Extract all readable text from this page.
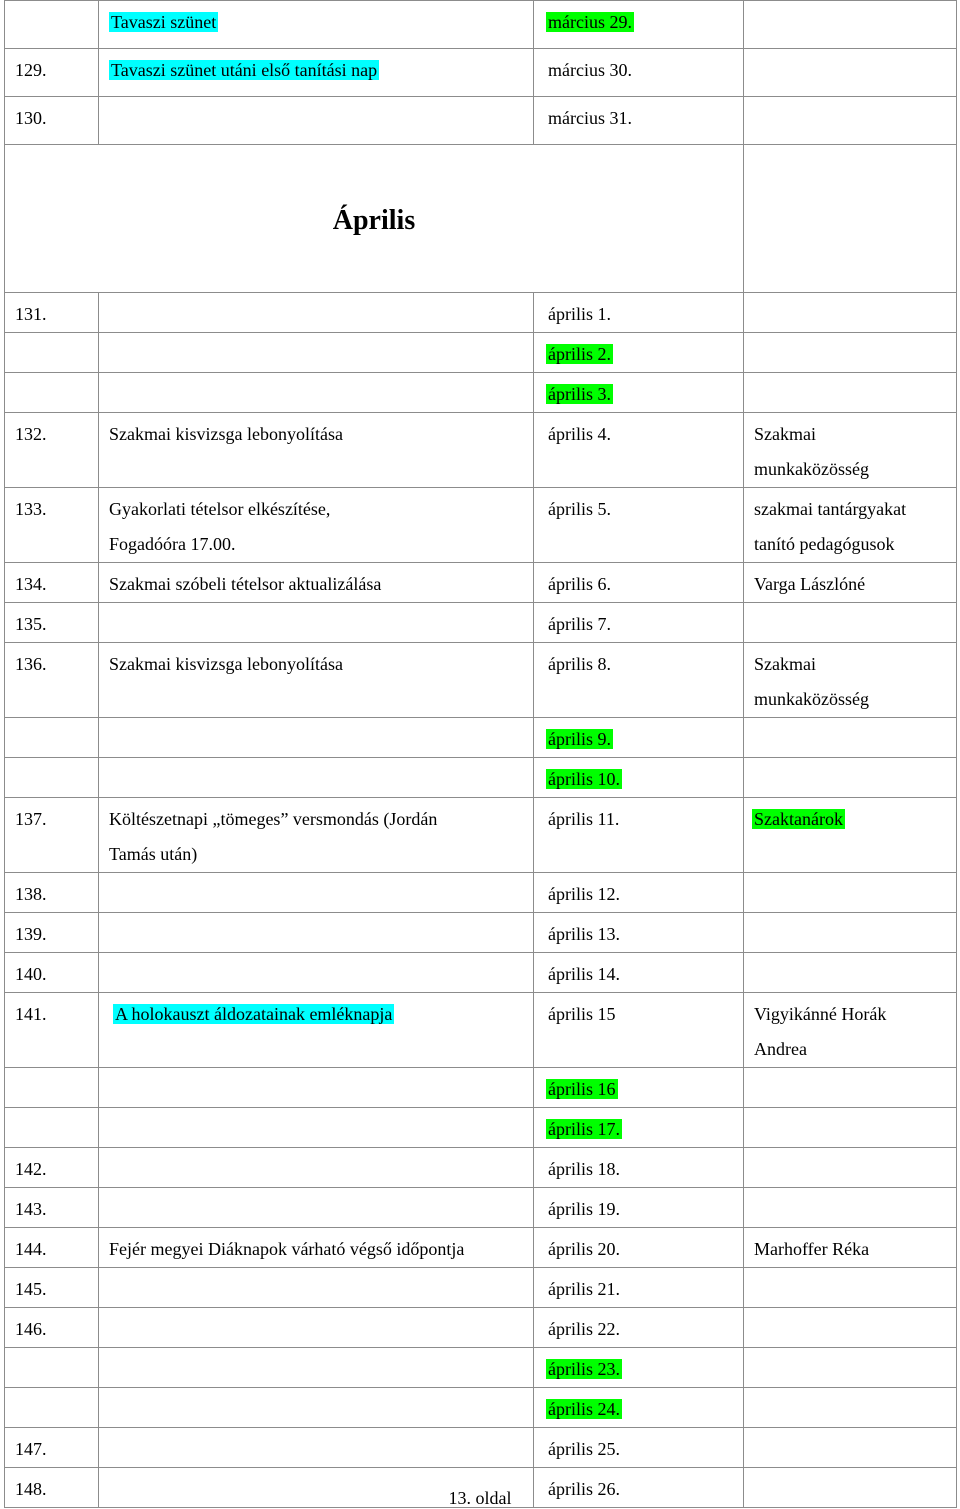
	Tavaszi szünet	március 29.	
129.	Tavaszi szünet utáni első tanítási nap	március 30.	
130.		március 31.	
Április			
131.		április 1.	
		április 2.	
		április 3.	
132.	Szakmai kisvizsga lebonyolítása	április 4.	Szakmai
munkaközösség
133.	Gyakorlati tételsor elkészítése,
Fogadóóra 17.00.	április 5.	szakmai tantárgyakat
tanító pedagógusok
134.	Szakmai szóbeli tételsor aktualizálása	április 6.	Varga Lászlóné
135.		április 7.	
136.	Szakmai kisvizsga lebonyolítása	április 8.	Szakmai
munkaközösség
		április 9.	
		április 10.	
137.	Költészetnapi „tömeges” versmondás (Jordán
Tamás után)	április 11.	Szaktanárok
138.		április 12.	
139.		április 13.	
140.		április 14.	
141.	A holokauszt áldozatainak emléknapja	április 15	Vigyikánné Horák
Andrea
		április 16	
		április 17.	
142.		április 18.	
143.		április 19.	
144.	Fejér megyei Diáknapok várható végső időpontja	április 20.	Marhoffer Réka
145.		április 21.	
146.		április 22.	
		április 23.	
		április 24.	
147.		április 25.	
148.		április 26.	
13. oldal
